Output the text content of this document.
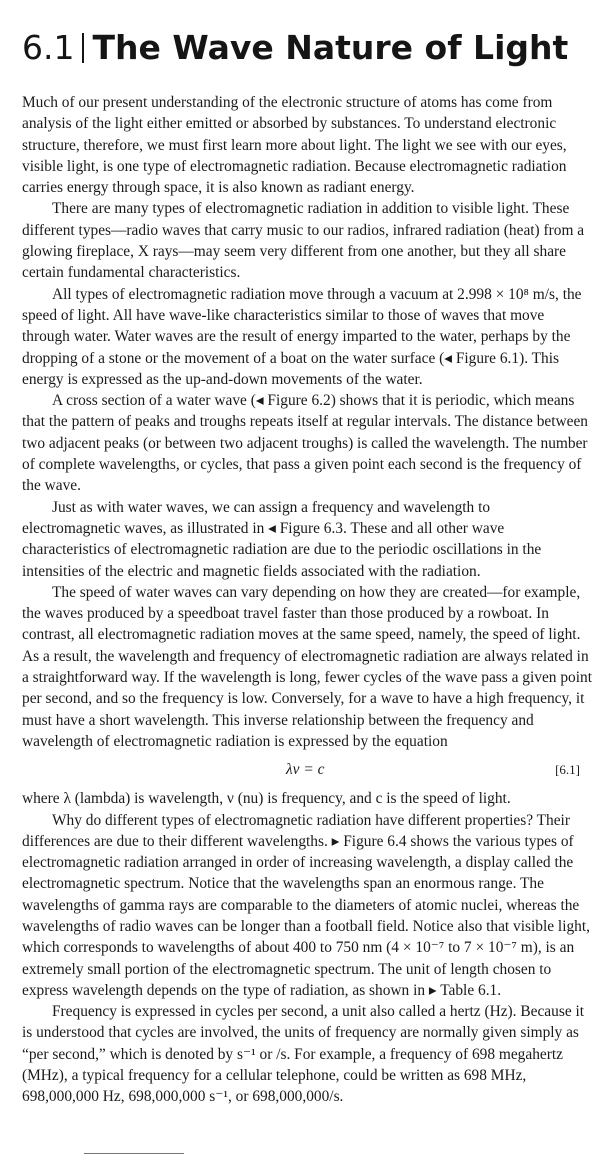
6.1 The Wave Nature of Light

Much of our present understanding of the electronic structure of atoms has come from analysis of the light either emitted or absorbed by substances. To understand electronic structure, therefore, we must first learn more about light. The light we see with our eyes, visible light, is one type of electromagnetic radiation. Because electromagnetic radiation carries energy through space, it is also known as radiant energy.

There are many types of electromagnetic radiation in addition to visible light. These different types—radio waves that carry music to our radios, infrared radiation (heat) from a glowing fireplace, X rays—may seem very different from one another, but they all share certain fundamental characteristics.

All types of electromagnetic radiation move through a vacuum at 2.998 × 10⁸ m/s, the speed of light. All have wave-like characteristics similar to those of waves that move through water. Water waves are the result of energy imparted to the water, perhaps by the dropping of a stone or the movement of a boat on the water surface (◂ Figure 6.1). This energy is expressed as the up-and-down movements of the water.

A cross section of a water wave (◂ Figure 6.2) shows that it is periodic, which means that the pattern of peaks and troughs repeats itself at regular intervals. The distance between two adjacent peaks (or between two adjacent troughs) is called the wavelength. The number of complete wavelengths, or cycles, that pass a given point each second is the frequency of the wave.

Just as with water waves, we can assign a frequency and wavelength to electromagnetic waves, as illustrated in ◂ Figure 6.3. These and all other wave characteristics of electromagnetic radiation are due to the periodic oscillations in the intensities of the electric and magnetic fields associated with the radiation.

The speed of water waves can vary depending on how they are created—for example, the waves produced by a speedboat travel faster than those produced by a rowboat. In contrast, all electromagnetic radiation moves at the same speed, namely, the speed of light. As a result, the wavelength and frequency of electromagnetic radiation are always related in a straightforward way. If the wavelength is long, fewer cycles of the wave pass a given point per second, and so the frequency is low. Conversely, for a wave to have a high frequency, it must have a short wavelength. This inverse relationship between the frequency and wavelength of electromagnetic radiation is expressed by the equation

λν = c	[6.1]

where λ (lambda) is wavelength, ν (nu) is frequency, and c is the speed of light.

Why do different types of electromagnetic radiation have different properties? Their differences are due to their different wavelengths. ▸ Figure 6.4 shows the various types of electromagnetic radiation arranged in order of increasing wavelength, a display called the electromagnetic spectrum. Notice that the wavelengths span an enormous range. The wavelengths of gamma rays are comparable to the diameters of atomic nuclei, whereas the wavelengths of radio waves can be longer than a football field. Notice also that visible light, which corresponds to wavelengths of about 400 to 750 nm (4 × 10⁻⁷ to 7 × 10⁻⁷ m), is an extremely small portion of the electromagnetic spectrum. The unit of length chosen to express wavelength depends on the type of radiation, as shown in ▸ Table 6.1.

Frequency is expressed in cycles per second, a unit also called a hertz (Hz). Because it is understood that cycles are involved, the units of frequency are normally given simply as “per second,” which is denoted by s⁻¹ or /s. For example, a frequency of 698 megahertz (MHz), a typical frequency for a cellular telephone, could be written as 698 MHz, 698,000,000 Hz, 698,000,000 s⁻¹, or 698,000,000/s.
